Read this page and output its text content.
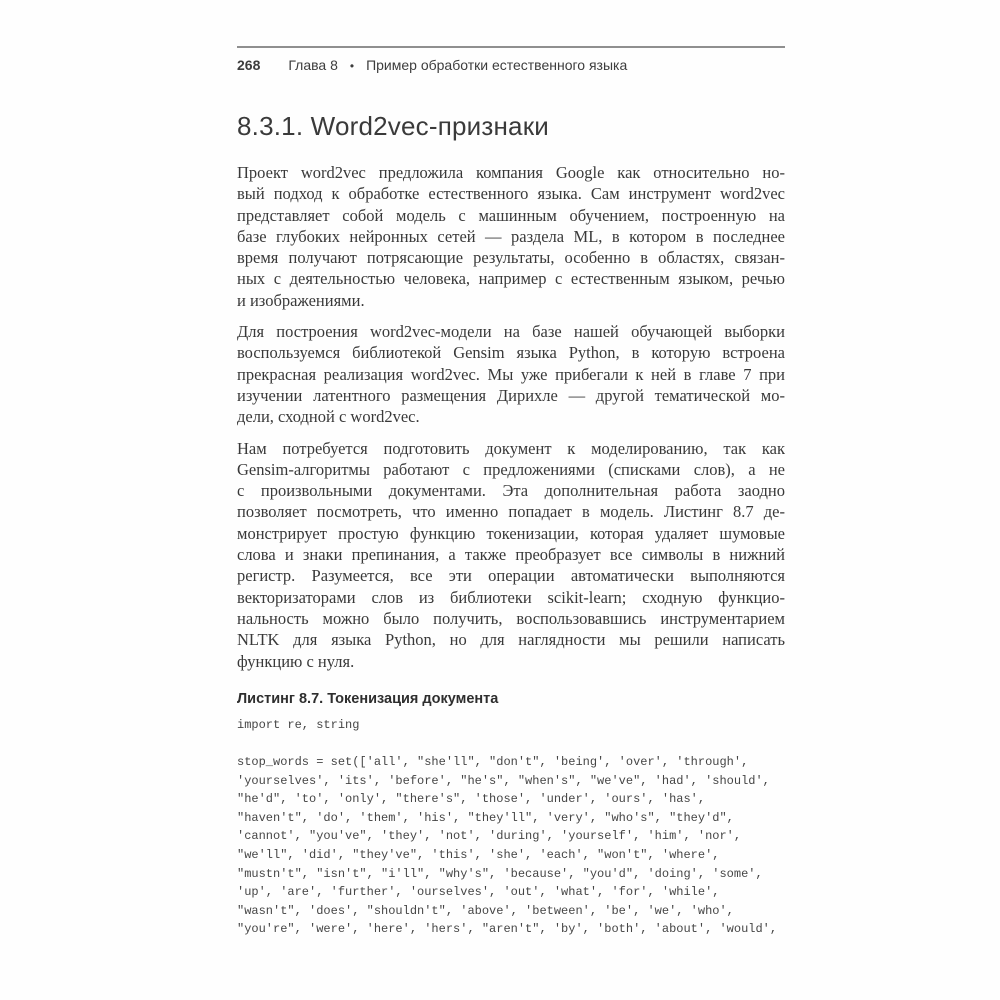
268 Глава 8 • Пример обработки естественного языка
8.3.1. Word2vec-признаки
Проект word2vec предложила компания Google как относительно но-
вый подход к обработке естественного языка. Сам инструмент word2vec
представляет собой модель с машинным обучением, построенную на
базе глубоких нейронных сетей — раздела ML, в котором в последнее
время получают потрясающие результаты, особенно в областях, связан-
ных с деятельностью человека, например с естественным языком, речью
и изображениями.
Для построения word2vec-модели на базе нашей обучающей выборки
воспользуемся библиотекой Gensim языка Python, в которую встроена
прекрасная реализация word2vec. Мы уже прибегали к ней в главе 7 при
изучении латентного размещения Дирихле — другой тематической мо-
дели, сходной с word2vec.
Нам потребуется подготовить документ к моделированию, так как
Gensim-алгоритмы работают с предложениями (списками слов), а не
с произвольными документами. Эта дополнительная работа заодно
позволяет посмотреть, что именно попадает в модель. Листинг 8.7 де-
монстрирует простую функцию токенизации, которая удаляет шумовые
слова и знаки препинания, а также преобразует все символы в нижний
регистр. Разумеется, все эти операции автоматически выполняются
векторизаторами слов из библиотеки scikit-learn; сходную функцио-
нальность можно было получить, воспользовавшись инструментарием
NLTK для языка Python, но для наглядности мы решили написать
функцию с нуля.
Листинг 8.7. Токенизация документа
import re, string

stop_words = set(['all', "she'll", "don't", 'being', 'over', 'through',
'yourselves', 'its', 'before', "he's", "when's", "we've", 'had', 'should',
"he'd", 'to', 'only', "there's", 'those', 'under', 'ours', 'has',
"haven't", 'do', 'them', 'his', "they'll", 'very', "who's", "they'd",
'cannot', "you've", 'they', 'not', 'during', 'yourself', 'him', 'nor',
"we'll", 'did', "they've", 'this', 'she', 'each', "won't", 'where',
"mustn't", "isn't", "i'll", "why's", 'because', "you'd", 'doing', 'some',
'up', 'are', 'further', 'ourselves', 'out', 'what', 'for', 'while',
"wasn't", 'does', "shouldn't", 'above', 'between', 'be', 'we', 'who',
"you're", 'were', 'here', 'hers', "aren't", 'by', 'both', 'about', 'would',
